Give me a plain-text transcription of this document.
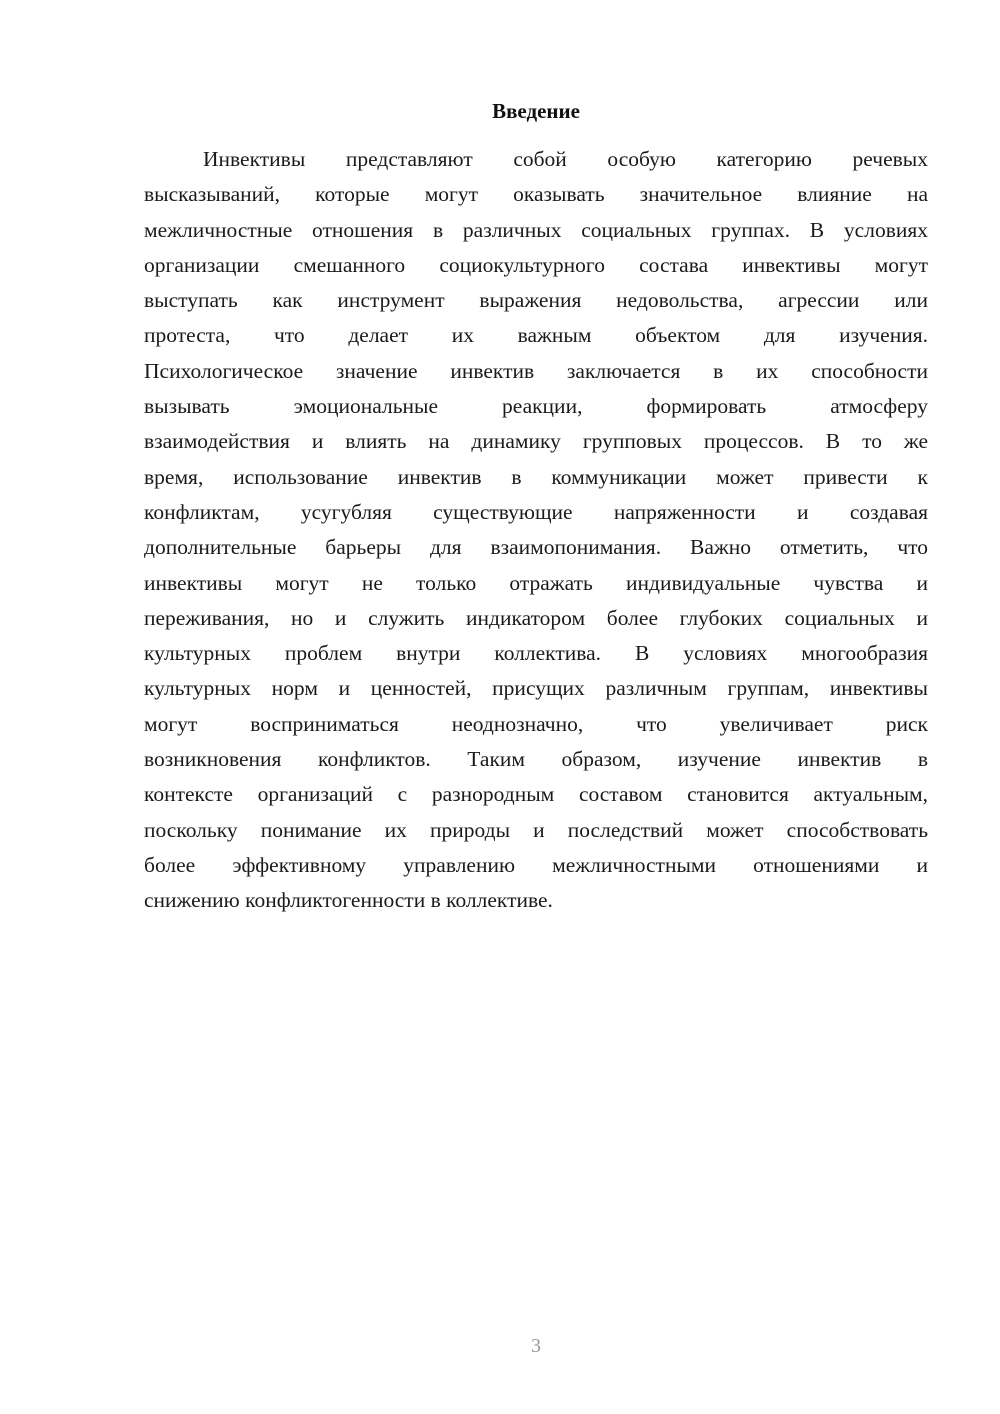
Введение
Инвективы представляют собой особую категорию речевых
высказываний, которые могут оказывать значительное влияние на
межличностные отношения в различных социальных группах. В условиях
организации смешанного социокультурного состава инвективы могут
выступать как инструмент выражения недовольства, агрессии или
протеста, что делает их важным объектом для изучения.
Психологическое значение инвектив заключается в их способности
вызывать эмоциональные реакции, формировать атмосферу
взаимодействия и влиять на динамику групповых процессов. В то же
время, использование инвектив в коммуникации может привести к
конфликтам, усугубляя существующие напряженности и создавая
дополнительные барьеры для взаимопонимания. Важно отметить, что
инвективы могут не только отражать индивидуальные чувства и
переживания, но и служить индикатором более глубоких социальных и
культурных проблем внутри коллектива. В условиях многообразия
культурных норм и ценностей, присущих различным группам, инвективы
могут восприниматься неоднозначно, что увеличивает риск
возникновения конфликтов. Таким образом, изучение инвектив в
контексте организаций с разнородным составом становится актуальным,
поскольку понимание их природы и последствий может способствовать
более эффективному управлению межличностными отношениями и
снижению конфликтогенности в коллективе.
3
